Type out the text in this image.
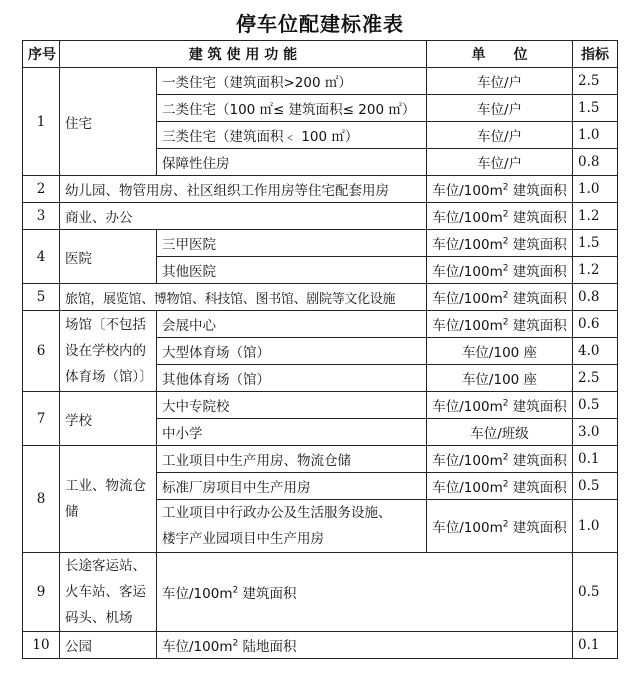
停车位配建标准表
序号	建 筑 使 用 功 能		单　　位	指标
1	住宅	一类住宅（建筑面积>200 ㎡）	车位/户	2.5
		二类住宅（100 ㎡≤ 建筑面积≤ 200 ㎡）	车位/户	1.5
		三类住宅（建筑面积﹤ 100 ㎡）	车位/户	1.0
		保障性住房	车位/户	0.8
2	幼儿园、物管用房、社区组织工作用房等住宅配套用房		车位$/100m^2$ 建筑面积	1.0
3	商业、办公		车位$/100m^2$ 建筑面积	1.2
4	医院	三甲医院	车位$/100m^2$ 建筑面积	1.5
		其他医院	车位$/100m^2$ 建筑面积	1.2
5	旅馆，展览馆、博物馆、科技馆、图书馆、剧院等文化设施		车位$/100m^2$ 建筑面积	0.8
6	场馆〔不包括
设在学校内的
体育场（馆）〕	会展中心	车位$/100m^2$ 建筑面积	0.6
		大型体育场（馆）	车位/100 座	4.0
		其他体育场（馆）	车位/100 座	2.5
7	学校	大中专院校	车位$/100m^2$ 建筑面积	0.5
		中小学	车位/班级	3.0
8	工业、物流仓
储	工业项目中生产用房、物流仓储	车位$/100m^2$ 建筑面积	0.1
		标准厂房项目中生产用房	车位$/100m^2$ 建筑面积	0.5

		工业项目中行政办公及生活服务设施、
楼宇产业园项目中生产用房	车位$/100m^2$ 建筑面积	1.0
9	长途客运站、
火车站、客运
码头、机场	车位$/100m^2$ 建筑面积		0.5
10	公园	车位$/100m^2$ 陆地面积		0.1
